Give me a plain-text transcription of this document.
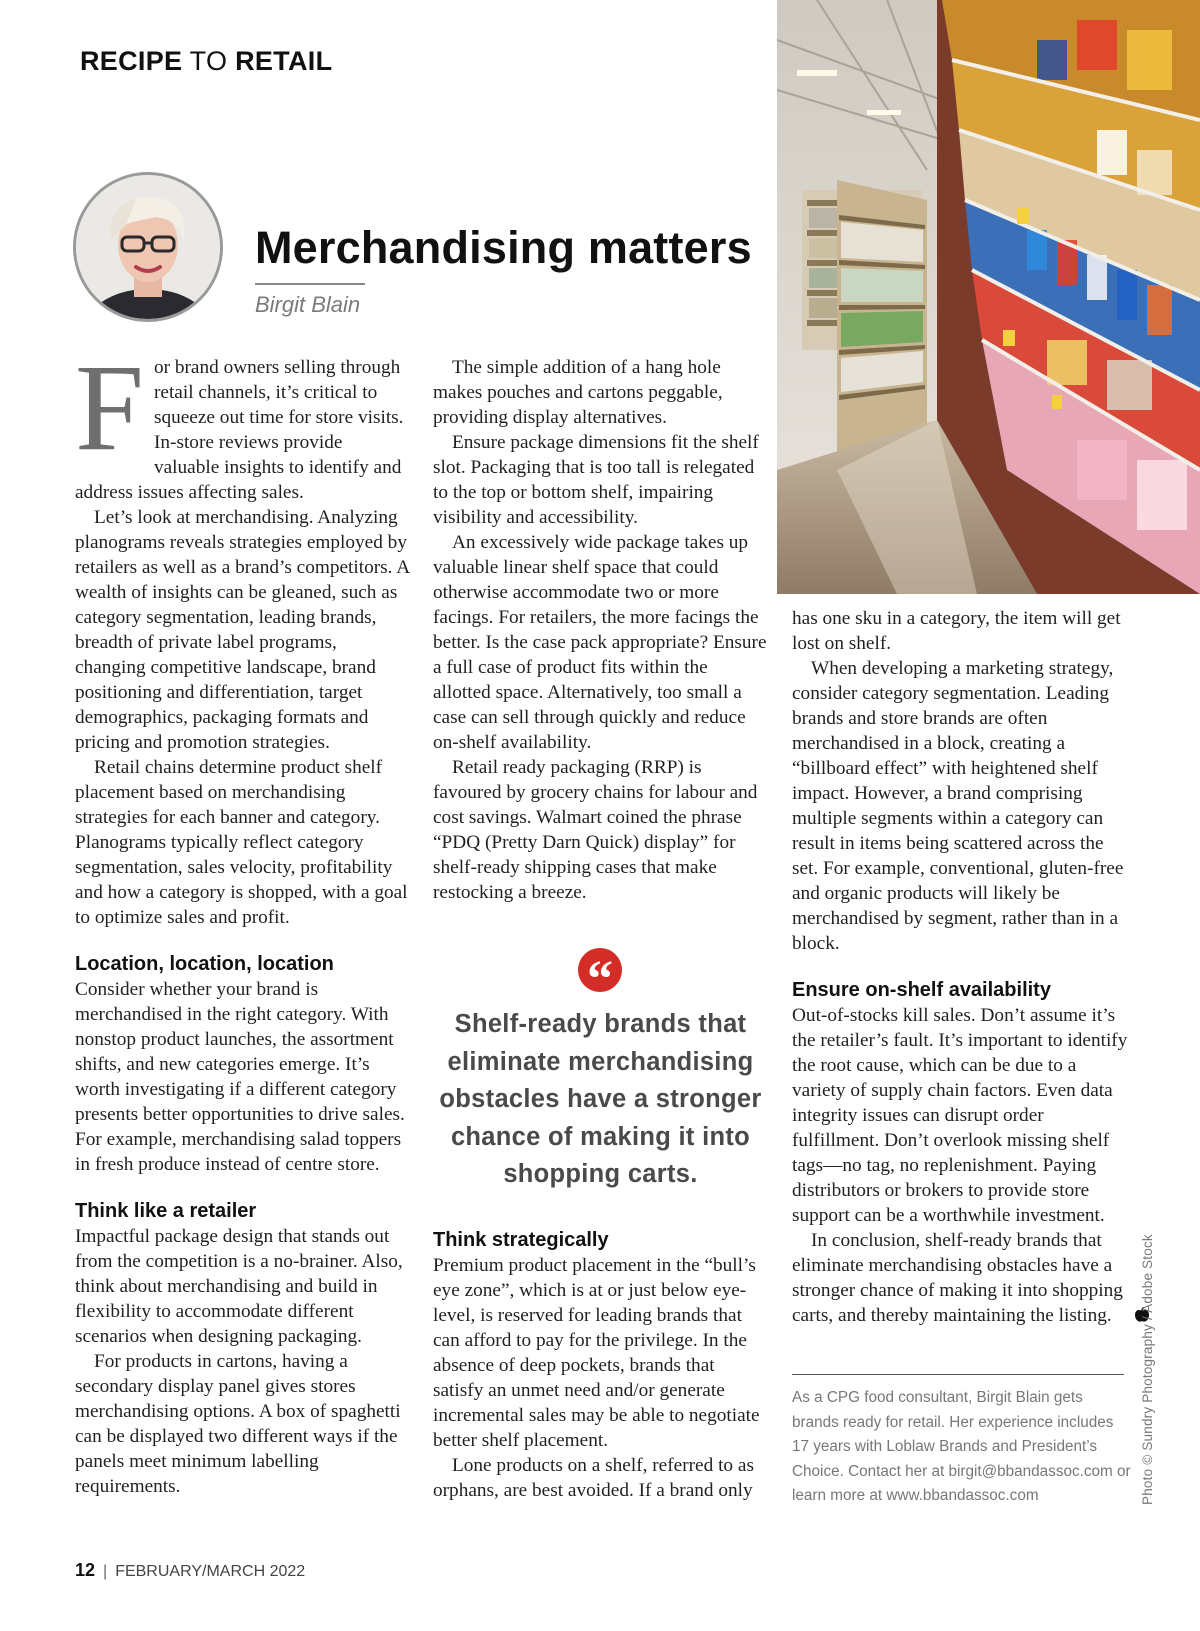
RECIPE TO RETAIL
Merchandising matters
Birgit Blain

For brand owners selling through retail channels, it’s critical to squeeze out time for store visits. In-store reviews provide valuable insights to identify and address issues affecting sales.

Let’s look at merchandising. Analyzing planograms reveals strategies employed by retailers as well as a brand’s competitors. A wealth of insights can be gleaned, such as category segmentation, leading brands, breadth of private label programs, changing competitive landscape, brand positioning and differentiation, target demographics, packaging formats and pricing and promotion strategies.

Retail chains determine product shelf placement based on merchandising strategies for each banner and category. Planograms typically reflect category segmentation, sales velocity, profitability and how a category is shopped, with a goal to optimize sales and profit.

Location, location, location

Consider whether your brand is merchandised in the right category. With nonstop product launches, the assortment shifts, and new categories emerge. It’s worth investigating if a different category presents better opportunities to drive sales. For example, merchandising salad toppers in fresh produce instead of centre store.

Think like a retailer

Impactful package design that stands out from the competition is a no-brainer. Also, think about merchandising and build in flexibility to accommodate different scenarios when designing packaging.

For products in cartons, having a secondary display panel gives stores merchandising options. A box of spaghetti can be displayed two different ways if the panels meet minimum labelling requirements.

The simple addition of a hang hole makes pouches and cartons peggable, providing display alternatives.

Ensure package dimensions fit the shelf slot. Packaging that is too tall is relegated to the top or bottom shelf, impairing visibility and accessibility.

An excessively wide package takes up valuable linear shelf space that could otherwise accommodate two or more facings. For retailers, the more facings the better. Is the case pack appropriate? Ensure a full case of product fits within the allotted space. Alternatively, too small a case can sell through quickly and reduce on-shelf availability.

Retail ready packaging (RRP) is favoured by grocery chains for labour and cost savings. Walmart coined the phrase “PDQ (Pretty Darn Quick) display” for shelf-ready shipping cases that make restocking a breeze.

“

Shelf-ready brands that eliminate merchandising obstacles have a stronger chance of making it into shopping carts.

Think strategically

Premium product placement in the “bull’s eye zone”, which is at or just below eye-level, is reserved for leading brands that can afford to pay for the privilege. In the absence of deep pockets, brands that satisfy an unmet need and/or generate incremental sales may be able to negotiate better shelf placement.

Lone products on a shelf, referred to as orphans, are best avoided. If a brand only

has one sku in a category, the item will get lost on shelf.

When developing a marketing strategy, consider category segmentation. Leading brands and store brands are often merchandised in a block, creating a “billboard effect” with heightened shelf impact. However, a brand comprising multiple segments within a category can result in items being scattered across the set. For example, conventional, gluten-free and organic products will likely be merchandised by segment, rather than in a block.

Ensure on-shelf availability

Out-of-stocks kill sales. Don’t assume it’s the retailer’s fault. It’s important to identify the root cause, which can be due to a variety of supply chain factors. Even data integrity issues can disrupt order fulfillment. Don’t overlook missing shelf tags—no tag, no replenishment. Paying distributors or brokers to provide store support can be a worthwhile investment.

In conclusion, shelf-ready brands that eliminate merchandising obstacles have a stronger chance of making it into shopping carts, and thereby maintaining the listing.

As a CPG food consultant, Birgit Blain gets brands ready for retail. Her experience includes 17 years with Loblaw Brands and President’s Choice. Contact her at birgit@bbandassoc.com or learn more at www.bbandassoc.com	Photo © Sundry Photography / Adobe Stock
12 | FEBRUARY/MARCH 2022
